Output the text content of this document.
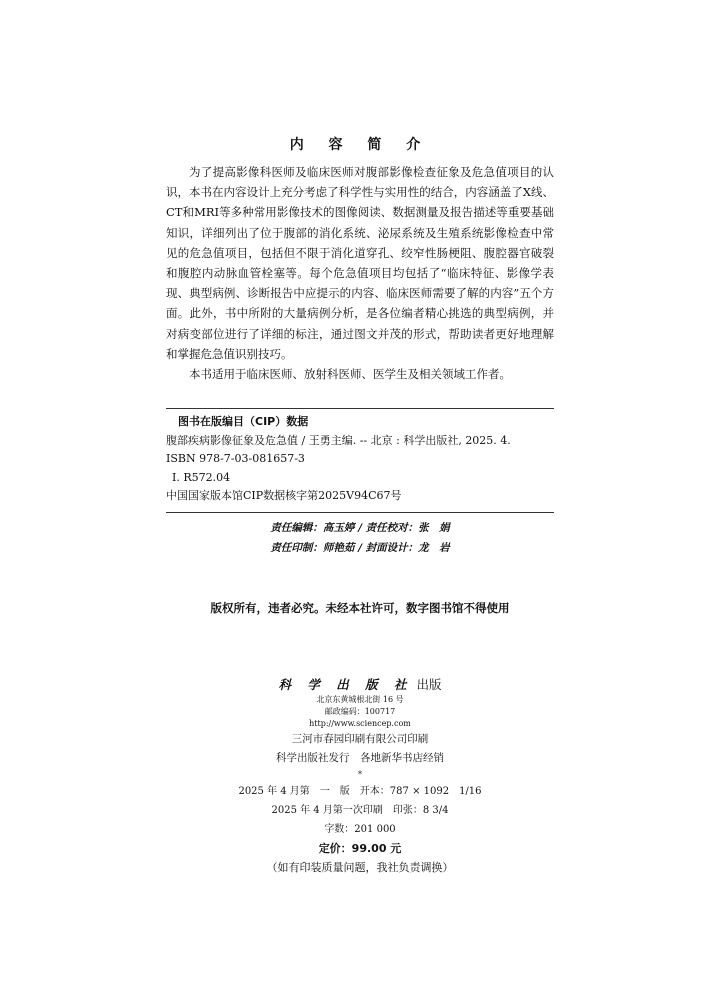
内 容 简 介

为了提高影像科医师及临床医师对腹部影像检查征象及危急值项目的认识，本书在内容设计上充分考虑了科学性与实用性的结合，内容涵盖了X线、CT和MRI等多种常用影像技术的图像阅读、数据测量及报告描述等重要基础知识，详细列出了位于腹部的消化系统、泌尿系统及生殖系统影像检查中常见的危急值项目，包括但不限于消化道穿孔、绞窄性肠梗阻、腹腔器官破裂和腹腔内动脉血管栓塞等。每个危急值项目均包括了“临床特征、影像学表现、典型病例、诊断报告中应提示的内容、临床医师需要了解的内容”五个方面。此外，书中所附的大量病例分析，是各位编者精心挑选的典型病例，并对病变部位进行了详细的标注，通过图文并茂的形式，帮助读者更好地理解和掌握危急值识别技巧。

本书适用于临床医师、放射科医师、医学生及相关领域工作者。

图书在版编目（CIP）数据
腹部疾病影像征象及危急值 / 王勇主编. -- 北京 : 科学出版社, 2025. 4.
ISBN 978-7-03-081657-3
Ⅰ. R572.04
中国国家版本馆CIP数据核字第2025V94C67号
责任编辑：高玉婷 / 责任校对：张　娟
责任印制：师艳茹 / 封面设计：龙　岩
版权所有，违者必究。未经本社许可，数字图书馆不得使用
科 学 出 版 社 出版
北京东黄城根北街 16 号
邮政编码：100717
http://www.sciencep.com
三河市春园印刷有限公司印刷
科学出版社发行　各地新华书店经销
*
2025 年 4 月第　一　版　开本：787 × 1092　1/16
2025 年 4 月第一次印刷　印张：8 3/4
字数：201 000
定价：99.00 元
（如有印装质量问题，我社负责调换）
